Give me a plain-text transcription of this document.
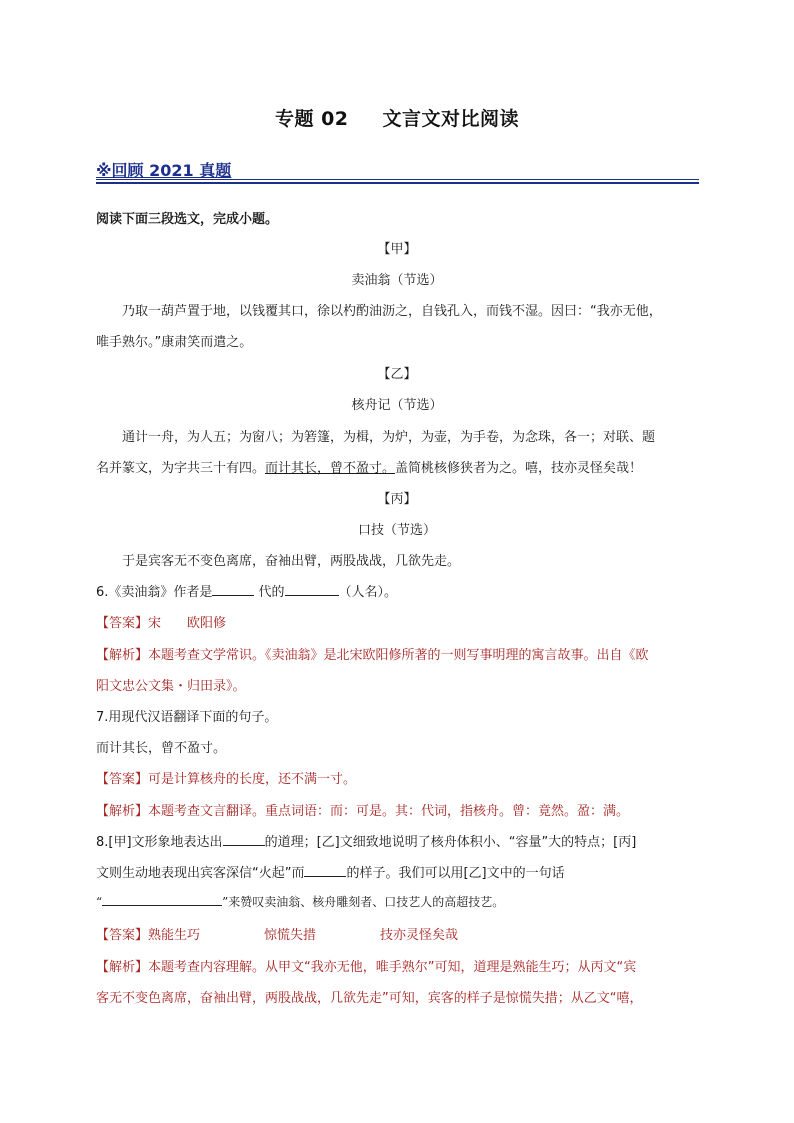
专题 02 文言文对比阅读
※回顾 2021 真题
阅读下面三段选文，完成小题。
【甲】
卖油翁（节选）
乃取一葫芦置于地，以钱覆其口，徐以杓酌油沥之，自钱孔入，而钱不湿。因曰：“我亦无他，
唯手熟尔。”康肃笑而遣之。
【乙】
核舟记（节选）
通计一舟，为人五；为窗八；为箬篷，为楫，为炉，为壶，为手卷，为念珠，各一；对联、题
名并篆文，为字共三十有四。而计其长，曾不盈寸。盖简桃核修狭者为之。嘻，技亦灵怪矣哉！
【丙】
口技（节选）
于是宾客无不变色离席，奋袖出臂，两股战战，几欲先走。
6.《卖油翁》作者是	代的	（人名）。
【答案】宋 欧阳修
【解析】本题考查文学常识。《卖油翁》是北宋欧阳修所著的一则写事明理的寓言故事。出自《欧
阳文忠公文集・归田录》。
7.用现代汉语翻译下面的句子。
而计其长，曾不盈寸。
【答案】可是计算核舟的长度，还不满一寸。
【解析】本题考查文言翻译。重点词语：而：可是。其：代词，指核舟。曾：竟然。盈：满。
8.[甲]文形象地表达出	的道理；[乙]文细致地说明了核舟体积小、“容量”大的特点；[丙]
文则生动地表现出宾客深信“火起”而	的样子。我们可以用[乙]文中的一句话
“	”来赞叹卖油翁、核舟雕刻者、口技艺人的高超技艺。
【答案】熟能生巧	惊慌失措	技亦灵怪矣哉
【解析】本题考查内容理解。从甲文“我亦无他，唯手熟尔”可知，道理是熟能生巧；从丙文“宾
客无不变色离席，奋袖出臂，两股战战，几欲先走”可知，宾客的样子是惊慌失措；从乙文“嘻，
